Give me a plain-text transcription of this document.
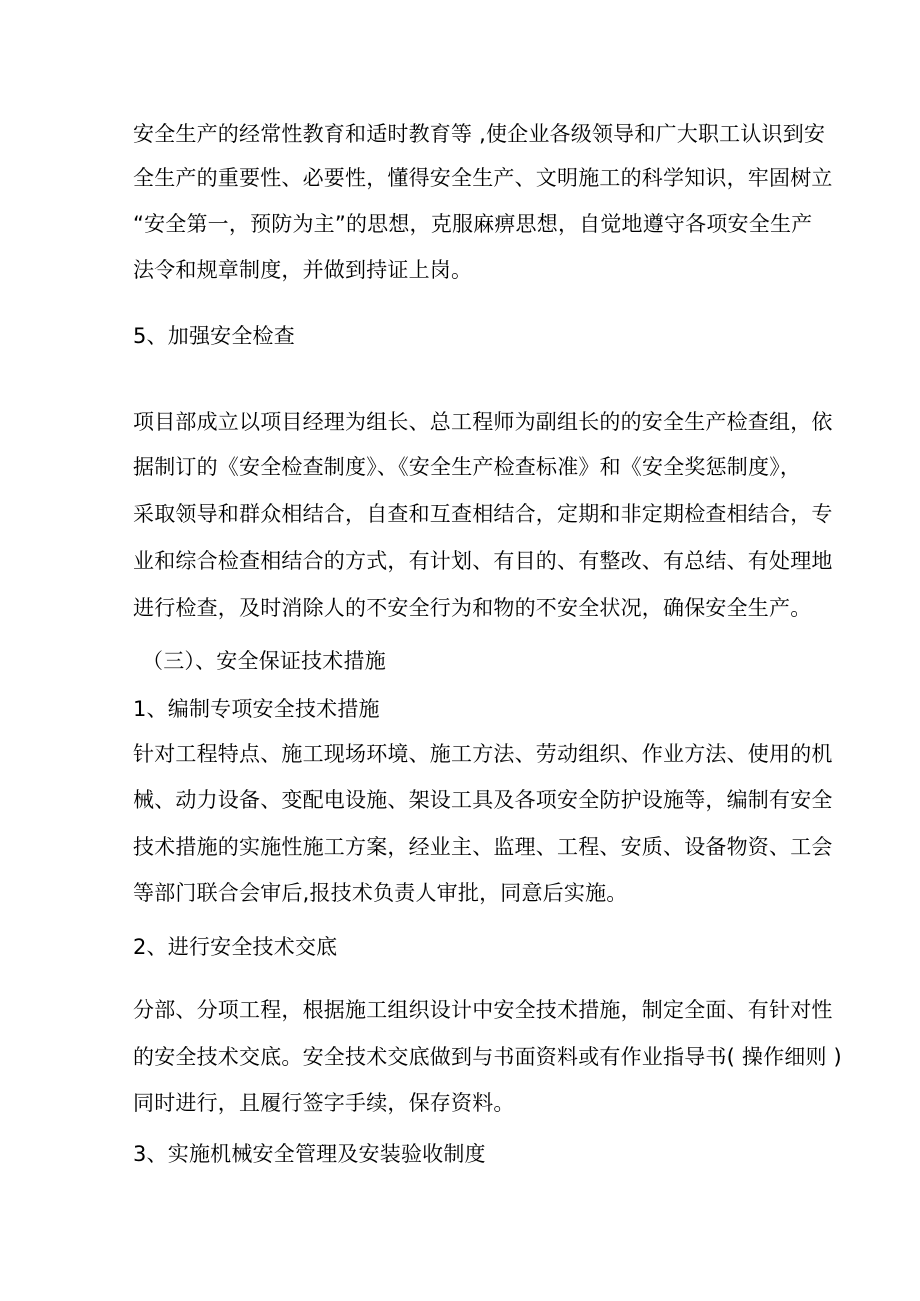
安全生产的经常性教育和适时教育等 ,使企业各级领导和广大职工认识到安
全生产的重要性、必要性，懂得安全生产、文明施工的科学知识，牢固树立
“安全第一，预防为主”的思想，克服麻痹思想，自觉地遵守各项安全生产
法令和规章制度，并做到持证上岗。
5、加强安全检查
项目部成立以项目经理为组长、总工程师为副组长的的安全生产检查组，依
据制订的《安全检查制度》、《安全生产检查标准》和《安全奖惩制度》，
采取领导和群众相结合，自查和互查相结合，定期和非定期检查相结合，专
业和综合检查相结合的方式，有计划、有目的、有整改、有总结、有处理地
进行检查，及时消除人的不安全行为和物的不安全状况，确保安全生产。
（三）、安全保证技术措施
1、编制专项安全技术措施
针对工程特点、施工现场环境、施工方法、劳动组织、作业方法、使用的机
械、动力设备、变配电设施、架设工具及各项安全防护设施等，编制有安全
技术措施的实施性施工方案，经业主、监理、工程、安质、设备物资、工会
等部门联合会审后,报技术负责人审批，同意后实施。
2、进行安全技术交底
分部、分项工程，根据施工组织设计中安全技术措施，制定全面、有针对性
的安全技术交底。安全技术交底做到与书面资料或有作业指导书( 操作细则 )
同时进行，且履行签字手续，保存资料。
3、实施机械安全管理及安装验收制度
